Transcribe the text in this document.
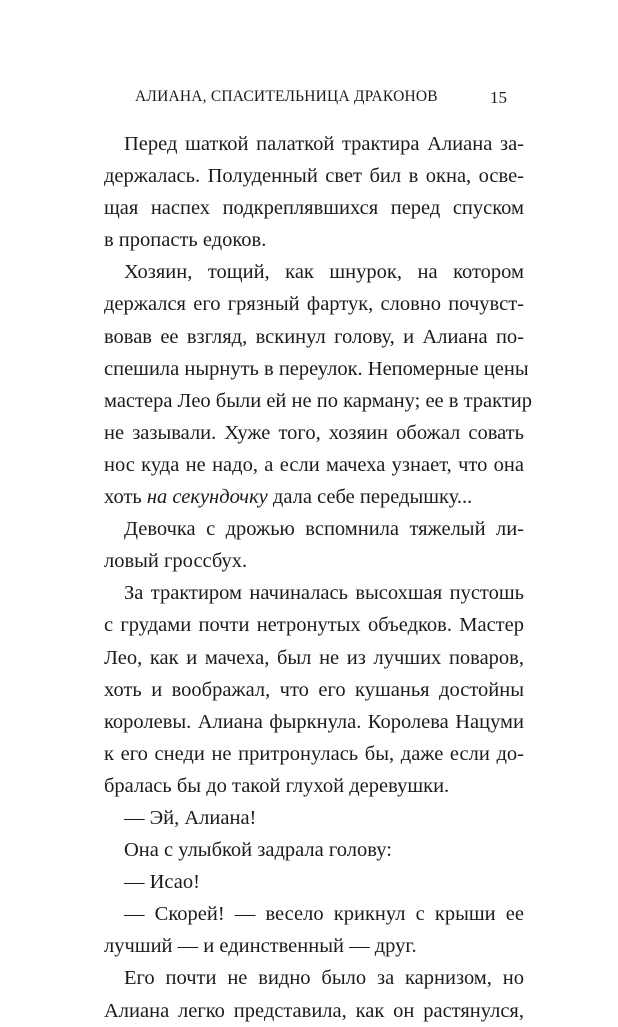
АЛИАНА, СПАСИТЕЛЬНИЦА ДРАКОНОВ	15
Перед шаткой палаткой трактира Алиана за-
держалась. Полуденный свет бил в окна, осве-
щая наспех подкреплявшихся перед спуском
в пропасть едоков.
Хозяин, тощий, как шнурок, на котором
держался его грязный фартук, словно почувст-
вовав ее взгляд, вскинул голову, и Алиана по-
спешила нырнуть в переулок. Непомерные цены
мастера Лео были ей не по карману; ее в трактир
не зазывали. Хуже того, хозяин обожал совать
нос куда не надо, а если мачеха узнает, что она
хоть на секундочку дала себе передышку...
Девочка с дрожью вспомнила тяжелый ли-
ловый гроссбух.
За трактиром начиналась высохшая пустошь
с грудами почти нетронутых объедков. Мастер
Лео, как и мачеха, был не из лучших поваров,
хоть и воображал, что его кушанья достойны
королевы. Алиана фыркнула. Королева Нацуми
к его снеди не притронулась бы, даже если до-
бралась бы до такой глухой деревушки.
— Эй, Алиана!
Она с улыбкой задрала голову:
— Исао!
— Скорей! — весело крикнул с крыши ее
лучший — и единственный — друг.
Его почти не видно было за карнизом, но
Алиана легко представила, как он растянулся,
